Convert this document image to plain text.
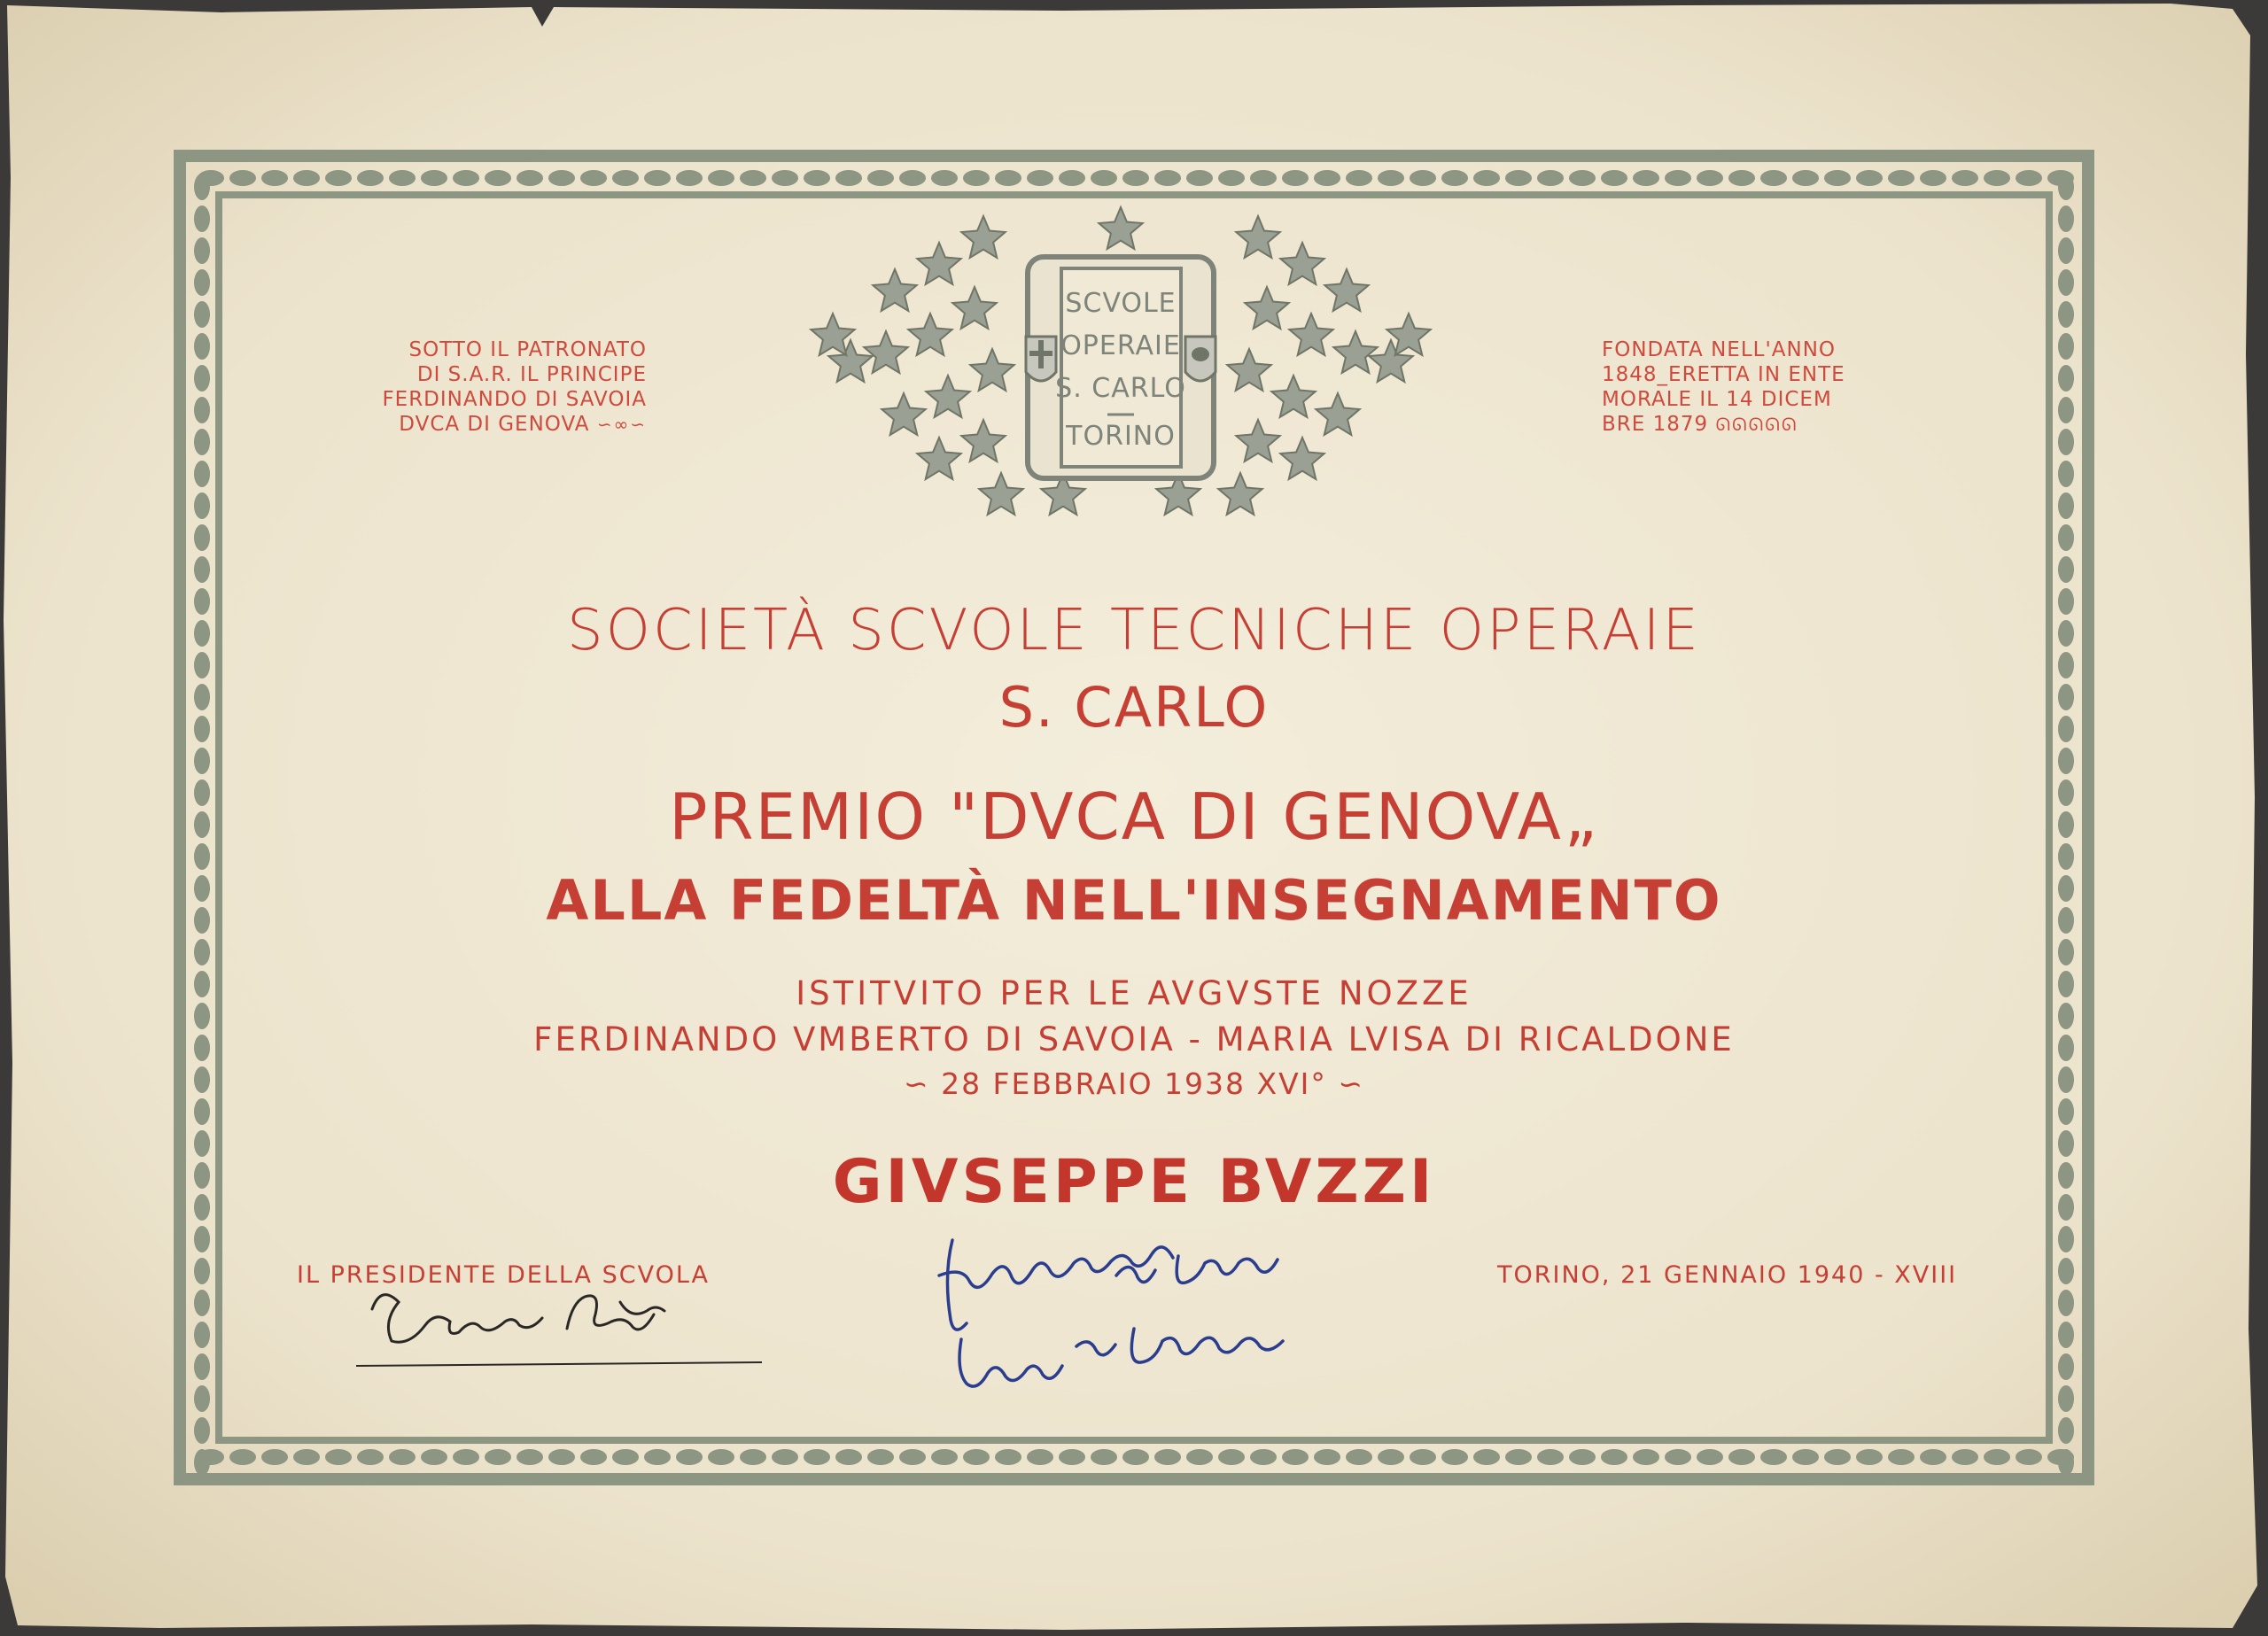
SCVOLE
OPERAIE
S. CARLO
TORINO
SOTTO IL PATRONATO
DI S.A.R. IL PRINCIPE
FERDINANDO DI SAVOIA
DVCA DI GENOVA ∽∞∽
FONDATA NELL'ANNO
1848_ERETTA IN ENTE
MORALE IL 14 DICEM
BRE 1879 ᘏᘏᘏᘏᘏ
SOCIETÀ SCVOLE TECNICHE OPERAIE
S. CARLO
PREMIO "DVCA DI GENOVA„
ALLA FEDELTÀ NELL'INSEGNAMENTO
ISTITVITO PER LE AVGVSTE NOZZE
FERDINANDO VMBERTO DI SAVOIA - MARIA LVISA DI RICALDONE
∽ 28 FEBBRAIO 1938 XVI° ∽
GIVSEPPE BVZZI
IL PRESIDENTE DELLA SCVOLA	TORINO, 21 GENNAIO 1940 - XVIII
